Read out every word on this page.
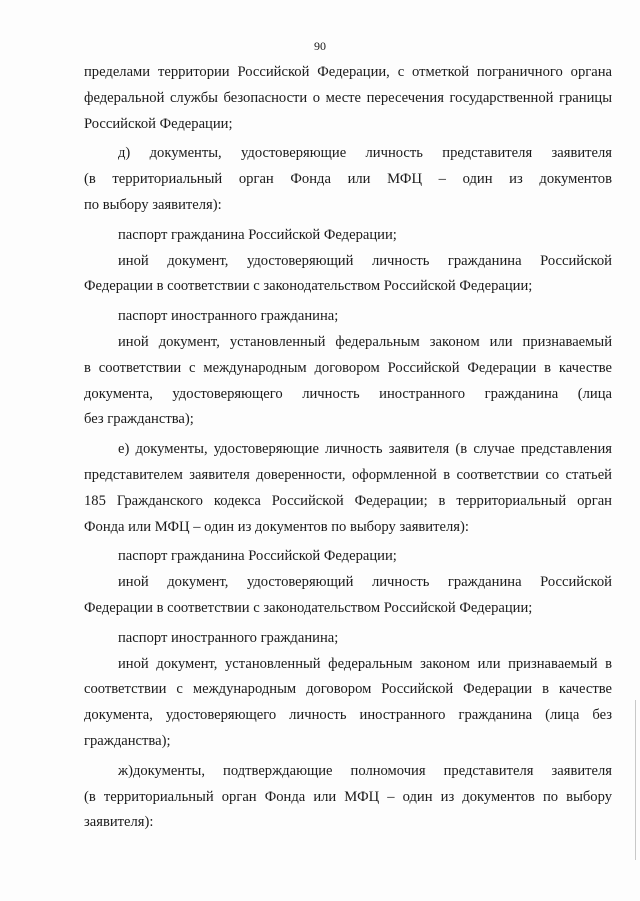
90
пределами территории Российской Федерации, с отметкой пограничного органа
федеральной службы безопасности о месте пересечения государственной границы
Российской Федерации;
д) документы, удостоверяющие личность представителя заявителя
(в территориальный орган Фонда или МФЦ – один из документов
по выбору заявителя):
паспорт гражданина Российской Федерации;
иной документ, удостоверяющий личность гражданина Российской
Федерации в соответствии с законодательством Российской Федерации;
паспорт иностранного гражданина;
иной документ, установленный федеральным законом или признаваемый
в соответствии с международным договором Российской Федерации в качестве
документа, удостоверяющего личность иностранного гражданина (лица
без гражданства);
е) документы, удостоверяющие личность заявителя (в случае представления
представителем заявителя доверенности, оформленной в соответствии со статьей
185 Гражданского кодекса Российской Федерации; в территориальный орган
Фонда или МФЦ – один из документов по выбору заявителя):
паспорт гражданина Российской Федерации;
иной документ, удостоверяющий личность гражданина Российской
Федерации в соответствии с законодательством Российской Федерации;
паспорт иностранного гражданина;
иной документ, установленный федеральным законом или признаваемый в
соответствии с международным договором Российской Федерации в качестве
документа, удостоверяющего личность иностранного гражданина (лица без
гражданства);
ж)документы, подтверждающие полномочия представителя заявителя
(в территориальный орган Фонда или МФЦ – один из документов по выбору
заявителя):
